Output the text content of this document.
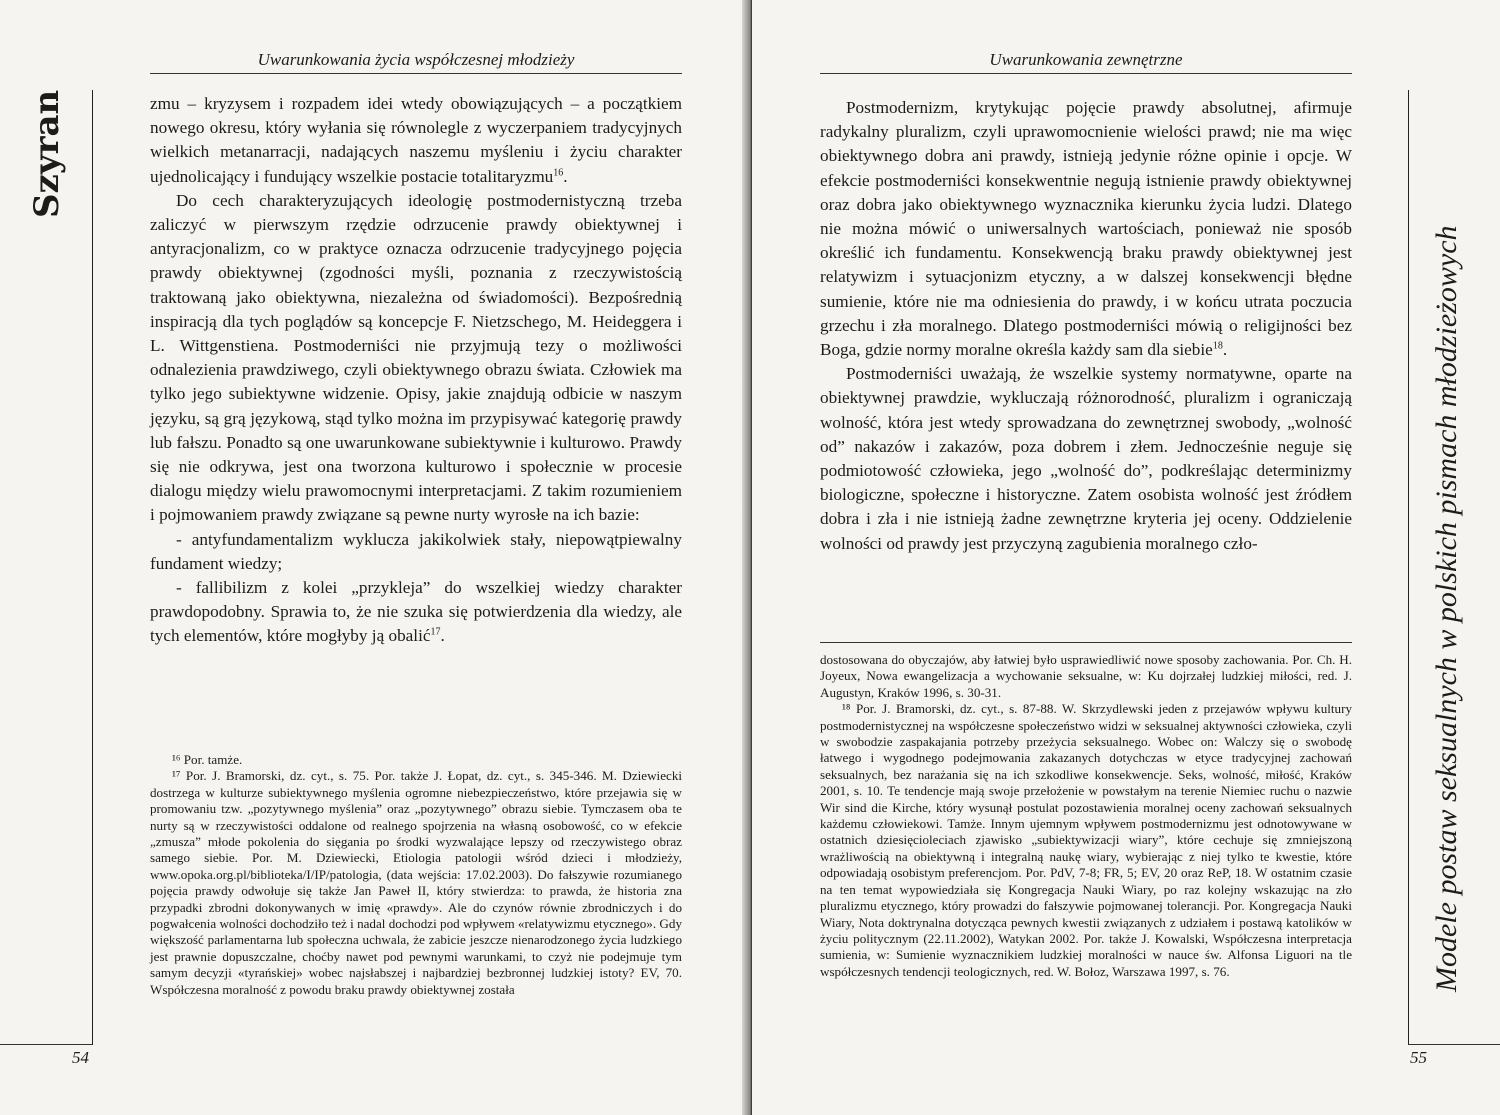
Uwarunkowania życia współczesnej młodzieży
Szyran	zmu – kryzysem i rozpadem idei wtedy obowiązujących – a początkiem nowego okresu, który wyłania się równolegle z wyczerpaniem tradycyjnych wielkich metanarracji, nadających naszemu myśleniu i życiu charakter ujednolicający i fundujący wszelkie postacie totalitaryzmu$^{16}$.

Do cech charakteryzujących ideologię postmodernistyczną trzeba zaliczyć w pierwszym rzędzie odrzucenie prawdy obiektywnej i antyracjonalizm, co w praktyce oznacza odrzucenie tradycyjnego pojęcia prawdy obiektywnej (zgodności myśli, poznania z rzeczywistością traktowaną jako obiektywna, niezależna od świadomości). Bezpośrednią inspiracją dla tych poglądów są koncepcje F. Nietzschego, M. Heideggera i L. Wittgenstiena. Postmoderniści nie przyjmują tezy o możliwości odnalezienia prawdziwego, czyli obiektywnego obrazu świata. Człowiek ma tylko jego subiektywne widzenie. Opisy, jakie znajdują odbicie w naszym języku, są grą językową, stąd tylko można im przypisywać kategorię prawdy lub fałszu. Ponadto są one uwarunkowane subiektywnie i kulturowo. Prawdy się nie odkrywa, jest ona tworzona kulturowo i społecznie w procesie dialogu między wielu prawomocnymi interpretacjami. Z takim rozumieniem i pojmowaniem prawdy związane są pewne nurty wyrosłe na ich bazie:

- antyfundamentalizm wyklucza jakikolwiek stały, niepowątpiewalny fundament wiedzy;

- fallibilizm z kolei „przykleja” do wszelkiej wiedzy charakter prawdopodobny. Sprawia to, że nie szuka się potwierdzenia dla wiedzy, ale tych elementów, które mogłyby ją obalić$^{17}$.

¹⁶ Por. tamże.

¹⁷ Por. J. Bramorski, dz. cyt., s. 75. Por. także J. Łopat, dz. cyt., s. 345-346. M. Dziewiecki dostrzega w kulturze subiektywnego myślenia ogromne niebezpieczeństwo, które przejawia się w promowaniu tzw. „pozytywnego myślenia” oraz „pozytywnego” obrazu siebie. Tymczasem oba te nurty są w rzeczywistości oddalone od realnego spojrzenia na własną osobowość, co w efekcie „zmusza” młode pokolenia do sięgania po środki wyzwalające lepszy od rzeczywistego obraz samego siebie. Por. M. Dziewiecki, Etiologia patologii wśród dzieci i młodzieży, www.opoka.org.pl/biblioteka/I/IP/patologia, (data wejścia: 17.02.2003). Do fałszywie rozumianego pojęcia prawdy odwołuje się także Jan Paweł II, który stwierdza: to prawda, że historia zna przypadki zbrodni dokonywanych w imię «prawdy». Ale do czynów równie zbrodniczych i do pogwałcenia wolności dochodziło też i nadal dochodzi pod wpływem «relatywizmu etycznego». Gdy większość parlamentarna lub społeczna uchwala, że zabicie jeszcze nienarodzonego życia ludzkiego jest prawnie dopuszczalne, choćby nawet pod pewnymi warunkami, to czyż nie podejmuje tym samym decyzji «tyrańskiej» wobec najsłabszej i najbardziej bezbronnej ludzkiej istoty? EV, 70. Współczesna moralność z powodu braku prawdy obiektywnej została

54
Uwarunkowania zewnętrzne

Postmodernizm, krytykując pojęcie prawdy absolutnej, afirmuje radykalny pluralizm, czyli uprawomocnienie wielości prawd; nie ma więc obiektywnego dobra ani prawdy, istnieją jedynie różne opinie i opcje. W efekcie postmoderniści konsekwentnie negują istnienie prawdy obiektywnej oraz dobra jako obiektywnego wyznacznika kierunku życia ludzi. Dlatego nie można mówić o uniwersalnych wartościach, ponieważ nie sposób określić ich fundamentu. Konsekwencją braku prawdy obiektywnej jest relatywizm i sytuacjonizm etyczny, a w dalszej konsekwencji błędne sumienie, które nie ma odniesienia do prawdy, i w końcu utrata poczucia grzechu i zła moralnego. Dlatego postmoderniści mówią o religijności bez Boga, gdzie normy moralne określa każdy sam dla siebie$^{18}$.

Postmoderniści uważają, że wszelkie systemy normatywne, oparte na obiektywnej prawdzie, wykluczają różnorodność, pluralizm i ograniczają wolność, która jest wtedy sprowadzana do zewnętrznej swobody, „wolność od” nakazów i zakazów, poza dobrem i złem. Jednocześnie neguje się podmiotowość człowieka, jego „wolność do”, podkreślając determinizmy biologiczne, społeczne i historyczne. Zatem osobista wolność jest źródłem dobra i zła i nie istnieją żadne zewnętrzne kryteria jej oceny. Oddzielenie wolności od prawdy jest przyczyną zagubienia moralnego czło-

dostosowana do obyczajów, aby łatwiej było usprawiedliwić nowe sposoby zachowania. Por. Ch. H. Joyeux, Nowa ewangelizacja a wychowanie seksualne, w: Ku dojrzałej ludzkiej miłości, red. J. Augustyn, Kraków 1996, s. 30-31.

¹⁸ Por. J. Bramorski, dz. cyt., s. 87-88. W. Skrzydlewski jeden z przejawów wpływu kultury postmodernistycznej na współczesne społeczeństwo widzi w seksualnej aktywności człowieka, czyli w swobodzie zaspakajania potrzeby przeżycia seksualnego. Wobec on: Walczy się o swobodę łatwego i wygodnego podejmowania zakazanych dotychczas w etyce tradycyjnej zachowań seksualnych, bez narażania się na ich szkodliwe konsekwencje. Seks, wolność, miłość, Kraków 2001, s. 10. Te tendencje mają swoje przełożenie w powstałym na terenie Niemiec ruchu o nazwie Wir sind die Kirche, który wysunął postulat pozostawienia moralnej oceny zachowań seksualnych każdemu człowiekowi. Tamże. Innym ujemnym wpływem postmodernizmu jest odnotowywane w ostatnich dziesięcioleciach zjawisko „subiektywizacji wiary”, które cechuje się zmniejszoną wrażliwością na obiektywną i integralną naukę wiary, wybierając z niej tylko te kwestie, które odpowiadają osobistym preferencjom. Por. PdV, 7-8; FR, 5; EV, 20 oraz ReP, 18. W ostatnim czasie na ten temat wypowiedziała się Kongregacja Nauki Wiary, po raz kolejny wskazując na zło pluralizmu etycznego, który prowadzi do fałszywie pojmowanej tolerancji. Por. Kongregacja Nauki Wiary, Nota doktrynalna dotycząca pewnych kwestii związanych z udziałem i postawą katolików w życiu politycznym (22.11.2002), Watykan 2002. Por. także J. Kowalski, Współczesna interpretacja sumienia, w: Sumienie wyznacznikiem ludzkiej moralności w nauce św. Alfonsa Liguori na tle współczesnych tendencji teologicznych, red. W. Bołoz, Warszawa 1997, s. 76.

55
Modele postaw seksualnych w polskich pismach młodzieżowych
